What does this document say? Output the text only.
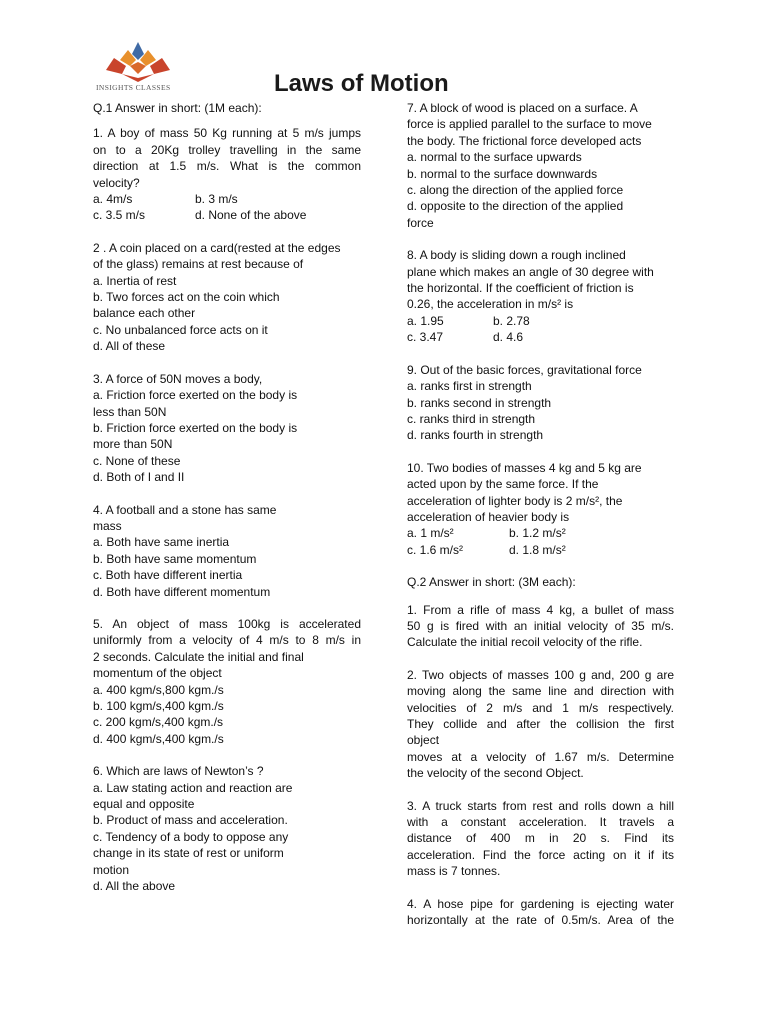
INSIGHTS CLASSES	Laws of Motion
Q.1 Answer in short: (1M each):
1. A boy of mass 50 Kg running at 5 m/s jumps
on to a 20Kg trolley travelling in the same
direction at 1.5 m/s. What is the common
velocity?
a. 4m/s	b. 3 m/s
c. 3.5 m/s	d. None of the above
2 . A coin placed on a card(rested at the edges
of the glass) remains at rest because of
a. Inertia of rest
b. Two forces act on the coin which
balance each other
c. No unbalanced force acts on it
d. All of these
3. A force of 50N moves a body,
a. Friction force exerted on the body is
less than 50N
b. Friction force exerted on the body is
more than 50N
c. None of these
d. Both of I and II
4. A football and a stone has same
mass
a. Both have same inertia
b. Both have same momentum
c. Both have different inertia
d. Both have different momentum
5. An object of mass 100kg is accelerated
uniformly from a velocity of 4 m/s to 8 m/s in
2 seconds. Calculate the initial and final
momentum of the object
a. 400 kgm/s,800 kgm./s
b. 100 kgm/s,400 kgm./s
c. 200 kgm/s,400 kgm./s
d. 400 kgm/s,400 kgm./s
6. Which are laws of Newton’s ?
a. Law stating action and reaction are
equal and opposite
b. Product of mass and acceleration.
c. Tendency of a body to oppose any
change in its state of rest or uniform
motion
d. All the above
7. A block of wood is placed on a surface. A
force is applied parallel to the surface to move
the body. The frictional force developed acts
a. normal to the surface upwards
b. normal to the surface downwards
c. along the direction of the applied force
d. opposite to the direction of the applied
force
8. A body is sliding down a rough inclined
plane which makes an angle of 30 degree with
the horizontal. If the coefficient of friction is
0.26, the acceleration in m/s² is
a. 1.95	b. 2.78
c. 3.47	d. 4.6
9. Out of the basic forces, gravitational force
a. ranks first in strength
b. ranks second in strength
c. ranks third in strength
d. ranks fourth in strength
10. Two bodies of masses 4 kg and 5 kg are
acted upon by the same force. If the
acceleration of lighter body is 2 m/s², the
acceleration of heavier body is
a. 1 m/s²	b. 1.2 m/s²
c. 1.6 m/s²	d. 1.8 m/s²
Q.2 Answer in short: (3M each):
1. From a rifle of mass 4 kg, a bullet of mass
50 g is fired with an initial velocity of 35 m/s.
Calculate the initial recoil velocity of the rifle.
2. Two objects of masses 100 g and, 200 g are
moving along the same line and direction with
velocities of 2 m/s and 1 m/s respectively.
They collide and after the collision the first
object
moves at a velocity of 1.67 m/s. Determine
the velocity of the second Object.
3. A truck starts from rest and rolls down a hill
with a constant acceleration. It travels a
distance of 400 m in 20 s. Find its
acceleration. Find the force acting on it if its
mass is 7 tonnes.
4. A hose pipe for gardening is ejecting water
horizontally at the rate of 0.5m/s. Area of the
